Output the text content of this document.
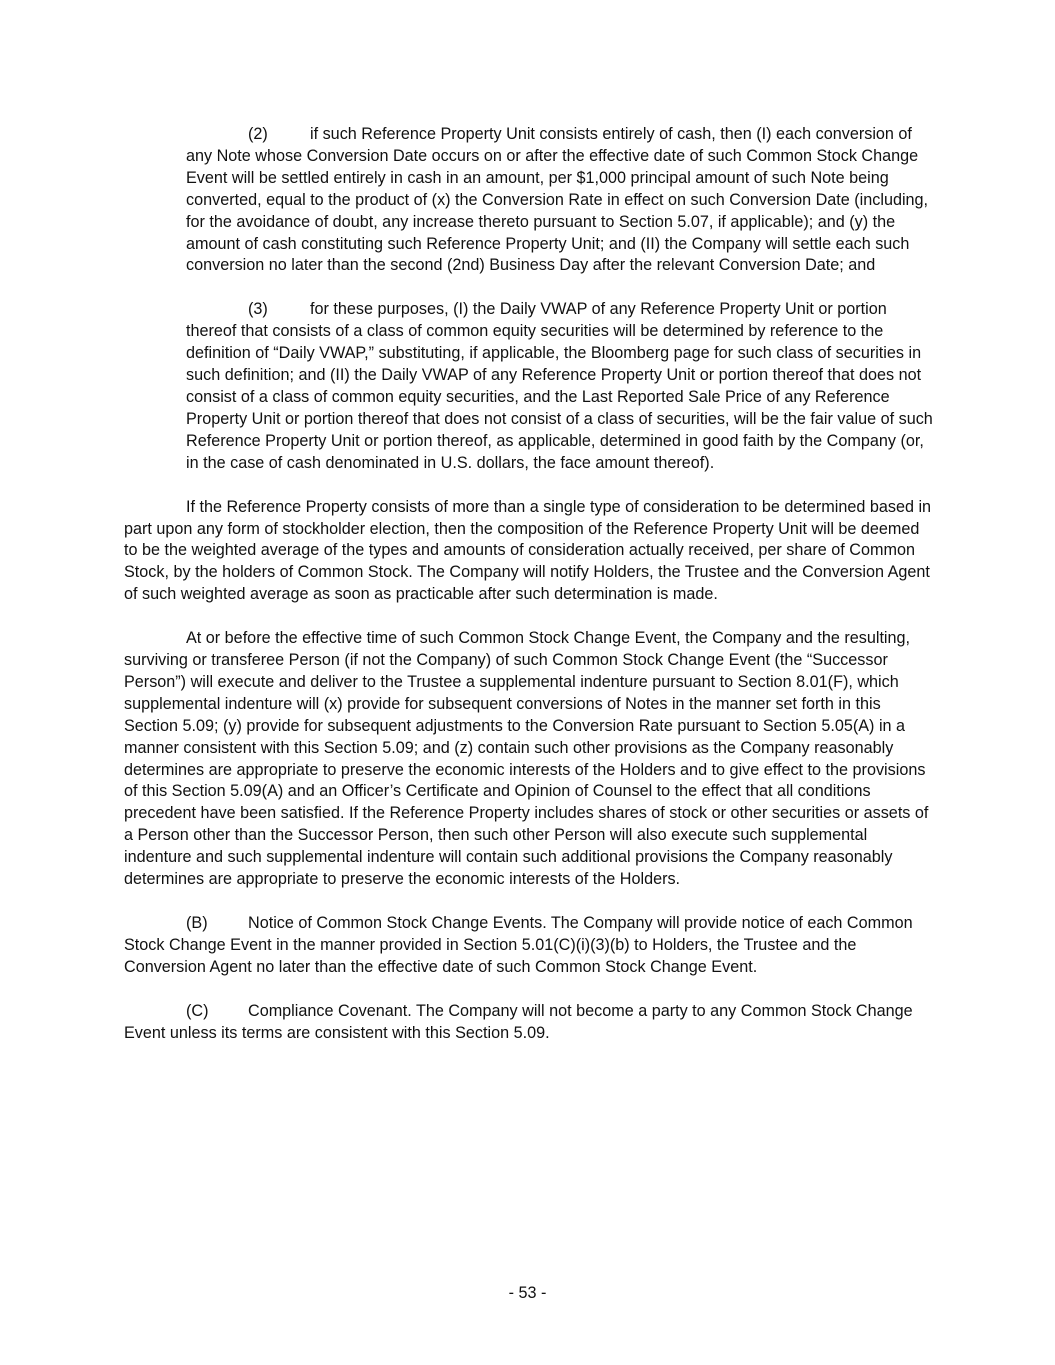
(2)	if such Reference Property Unit consists entirely of cash, then (I) each conversion of any Note whose Conversion Date occurs on or after the effective date of such Common Stock Change Event will be settled entirely in cash in an amount, per $1,000 principal amount of such Note being converted, equal to the product of (x) the Conversion Rate in effect on such Conversion Date (including, for the avoidance of doubt, any increase thereto pursuant to Section 5.07, if applicable); and (y) the amount of cash constituting such Reference Property Unit; and (II) the Company will settle each such conversion no later than the second (2nd) Business Day after the relevant Conversion Date; and

(3)	for these purposes, (I) the Daily VWAP of any Reference Property Unit or portion thereof that consists of a class of common equity securities will be determined by reference to the definition of “Daily VWAP,” substituting, if applicable, the Bloomberg page for such class of securities in such definition; and (II) the Daily VWAP of any Reference Property Unit or portion thereof that does not consist of a class of common equity securities, and the Last Reported Sale Price of any Reference Property Unit or portion thereof that does not consist of a class of securities, will be the fair value of such Reference Property Unit or portion thereof, as applicable, determined in good faith by the Company (or, in the case of cash denominated in U.S. dollars, the face amount thereof).

If the Reference Property consists of more than a single type of consideration to be determined based in part upon any form of stockholder election, then the composition of the Reference Property Unit will be deemed to be the weighted average of the types and amounts of consideration actually received, per share of Common Stock, by the holders of Common Stock. The Company will notify Holders, the Trustee and the Conversion Agent of such weighted average as soon as practicable after such determination is made.

At or before the effective time of such Common Stock Change Event, the Company and the resulting, surviving or transferee Person (if not the Company) of such Common Stock Change Event (the “Successor Person”) will execute and deliver to the Trustee a supplemental indenture pursuant to Section 8.01(F), which supplemental indenture will (x) provide for subsequent conversions of Notes in the manner set forth in this Section 5.09; (y) provide for subsequent adjustments to the Conversion Rate pursuant to Section 5.05(A) in a manner consistent with this Section 5.09; and (z) contain such other provisions as the Company reasonably determines are appropriate to preserve the economic interests of the Holders and to give effect to the provisions of this Section 5.09(A) and an Officer’s Certificate and Opinion of Counsel to the effect that all conditions precedent have been satisfied. If the Reference Property includes shares of stock or other securities or assets of a Person other than the Successor Person, then such other Person will also execute such supplemental indenture and such supplemental indenture will contain such additional provisions the Company reasonably determines are appropriate to preserve the economic interests of the Holders.

(B) Notice of Common Stock Change Events. The Company will provide notice of each Common Stock Change Event in the manner provided in Section 5.01(C)(i)(3)(b) to Holders, the Trustee and the Conversion Agent no later than the effective date of such Common Stock Change Event.

(C) Compliance Covenant. The Company will not become a party to any Common Stock Change Event unless its terms are consistent with this Section 5.09.

- 53 -
